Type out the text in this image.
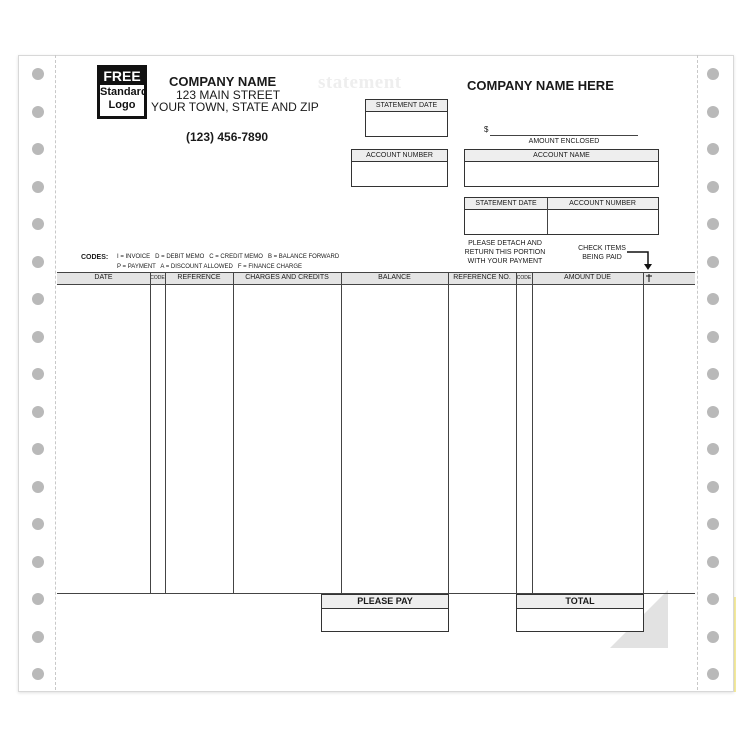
FREE
Standard
Logo
COMPANY NAME
123 MAIN STREET
YOUR TOWN, STATE AND ZIP
(123) 456-7890
statement
STATEMENT DATE
ACCOUNT NUMBER
COMPANY NAME HERE
$
AMOUNT ENCLOSED
ACCOUNT NAME
STATEMENT DATE	ACCOUNT NUMBER
PLEASE DETACH AND
RETURN THIS PORTION
WITH YOUR PAYMENT
CHECK ITEMS
BEING PAID
CODES: I = INVOICE   D = DEBIT MEMO   C = CREDIT MEMO   B = BALANCE FORWARD
P = PAYMENT   A = DISCOUNT ALLOWED   F = FINANCE CHARGE
DATE	CODE	REFERENCE	CHARGES AND CREDITS	BALANCE	REFERENCE NO.	CODE	AMOUNT DUE
PLEASE PAY	TOTAL
